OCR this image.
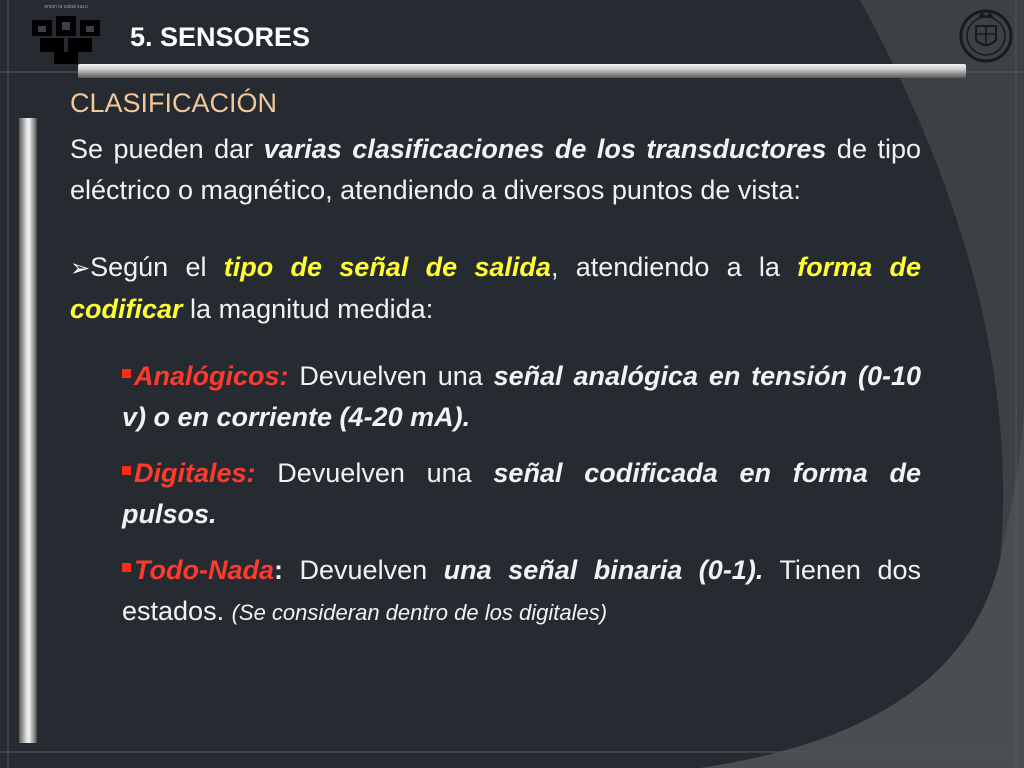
eman ta zabal zazu
5. SENSORES
CLASIFICACIÓN

Se pueden dar varias clasificaciones de los transductores de tipo eléctrico o magnético, atendiendo a diversos puntos de vista:

➢Según el tipo de señal de salida, atendiendo a la forma de codificar la magnitud medida:

Analógicos: Devuelven una señal analógica en tensión (0-10 v) o en corriente (4-20 mA).

Digitales: Devuelven una señal codificada en forma de pulsos.

Todo-Nada: Devuelven una señal binaria (0-1). Tienen dos estados. (Se consideran dentro de los digitales)
